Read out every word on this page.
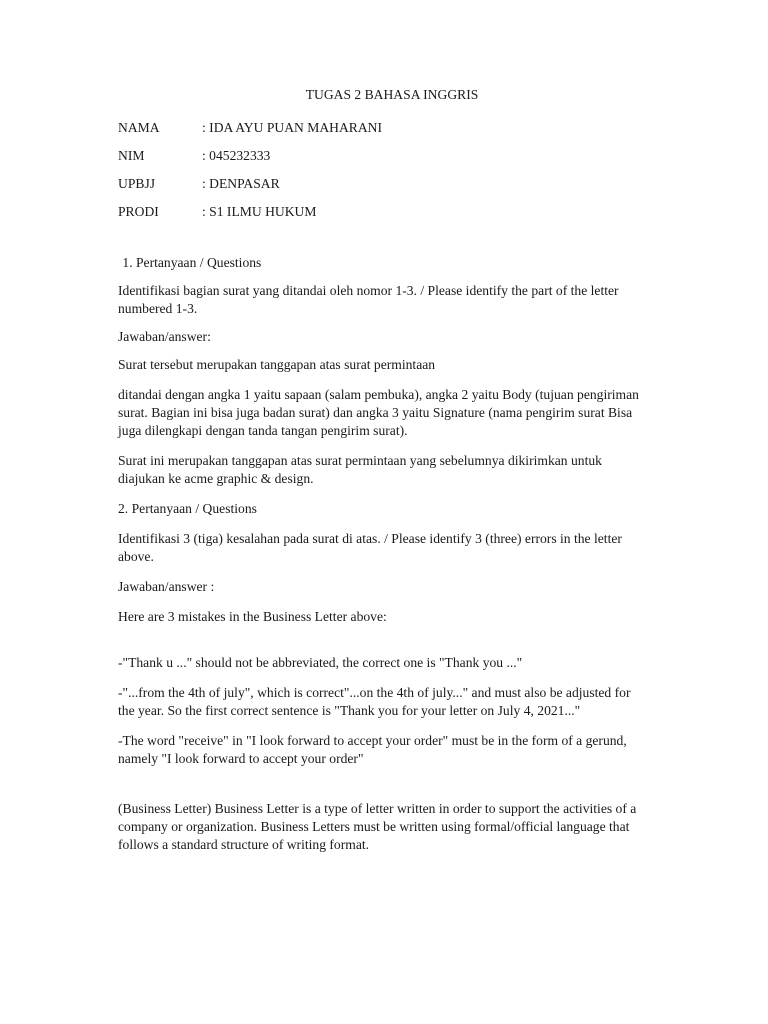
TUGAS 2 BAHASA INGGRIS

NAMA	: IDA AYU PUAN MAHARANI
NIM	: 045232333
UPBJJ	: DENPASAR
PRODI	: S1 ILMU HUKUM

1. Pertanyaan / Questions

Identifikasi bagian surat yang ditandai oleh nomor 1-3. / Please identify the part of the letter numbered 1-3.

Jawaban/answer:

Surat tersebut merupakan tanggapan atas surat permintaan

ditandai dengan angka 1 yaitu sapaan (salam pembuka), angka 2 yaitu Body (tujuan pengiriman surat. Bagian ini bisa juga badan surat) dan angka 3 yaitu Signature (nama pengirim surat Bisa juga dilengkapi dengan tanda tangan pengirim surat).

Surat ini merupakan tanggapan atas surat permintaan yang sebelumnya dikirimkan untuk diajukan ke acme graphic & design.

2. Pertanyaan / Questions

Identifikasi 3 (tiga) kesalahan pada surat di atas. / Please identify 3 (three) errors in the letter above.

Jawaban/answer :

Here are 3 mistakes in the Business Letter above:

-"Thank u ..." should not be abbreviated, the correct one is "Thank you ..."

-"...from the 4th of july", which is correct"...on the 4th of july..." and must also be adjusted for the year. So the first correct sentence is "Thank you for your letter on July 4, 2021..."

-The word "receive" in "I look forward to accept your order" must be in the form of a gerund, namely "I look forward to accept your order"

(Business Letter) Business Letter is a type of letter written in order to support the activities of a company or organization. Business Letters must be written using formal/official language that follows a standard structure of writing format.
